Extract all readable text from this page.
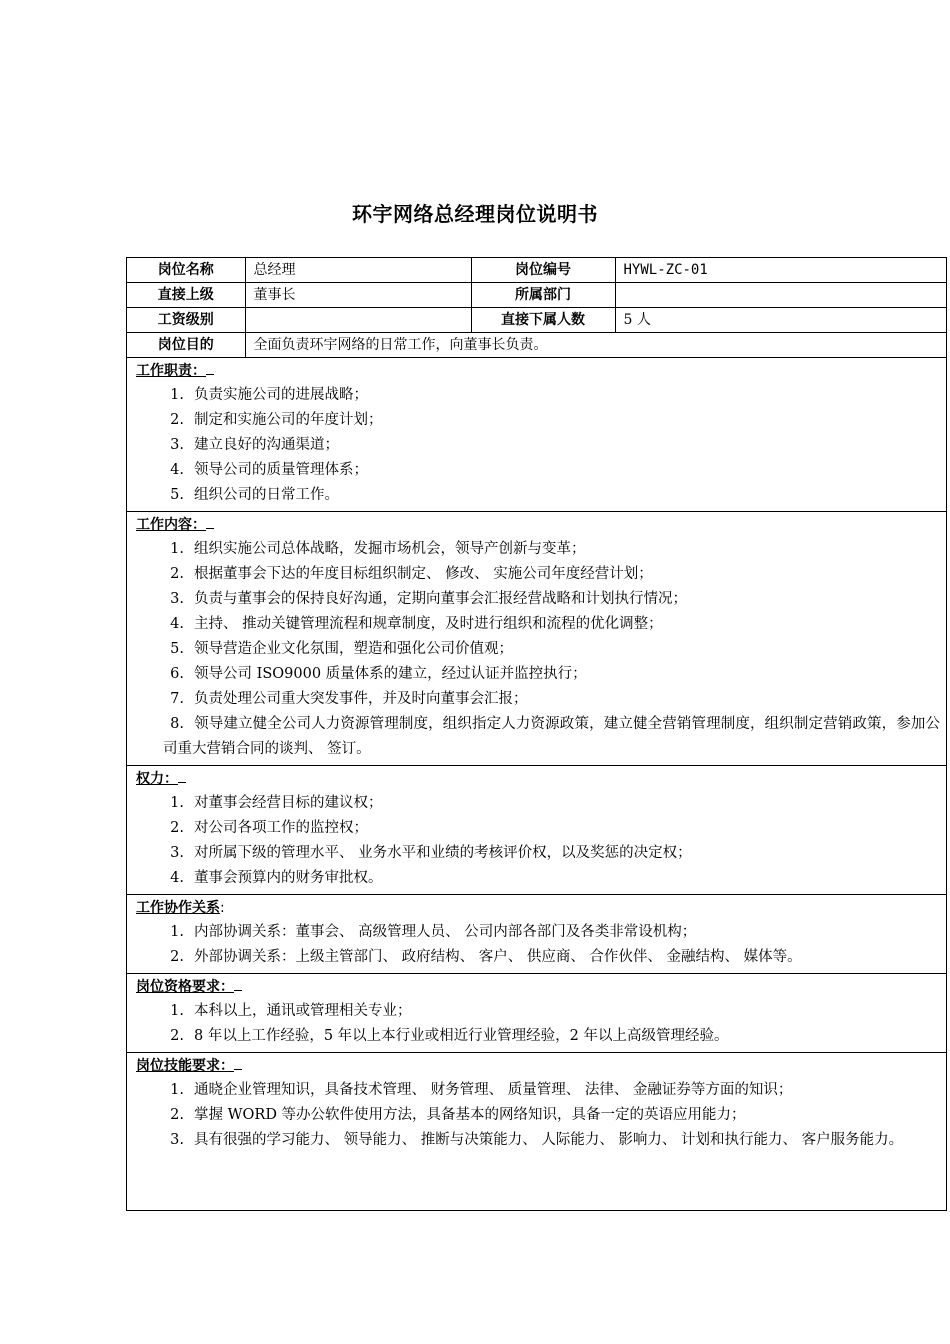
环宇网络总经理岗位说明书
岗位名称	总经理	岗位编号	HYWL-ZC-01
直接上级	董事长	所属部门	
工资级别		直接下属人数	5 人
岗位目的	全面负责环宇网络的日常工作，向董事长负责。		
工作职责：
1. 负责实施公司的进展战略；
2. 制定和实施公司的年度计划；
3. 建立良好的沟通渠道；
4. 领导公司的质量管理体系；
5. 组织公司的日常工作。
工作内容：
1. 组织实施公司总体战略，发掘市场机会，领导产创新与变革；
2. 根据董事会下达的年度目标组织制定、 修改、 实施公司年度经营计划；
3. 负责与董事会的保持良好沟通，定期向董事会汇报经营战略和计划执行情况；
4. 主持、 推动关键管理流程和规章制度，及时进行组织和流程的优化调整；
5. 领导营造企业文化氛围，塑造和强化公司价值观；
6. 领导公司 ISO9000 质量体系的建立，经过认证并监控执行；
7. 负责处理公司重大突发事件，并及时向董事会汇报；
8. 领导建立健全公司人力资源管理制度，组织指定人力资源政策，建立健全营销管理制度，组织制定营销政策，参加公司重大营销合同的谈判、 签订。
权力：
1. 对董事会经营目标的建议权；
2. 对公司各项工作的监控权；
3. 对所属下级的管理水平、 业务水平和业绩的考核评价权，以及奖惩的决定权；
4. 董事会预算内的财务审批权。
工作协作关系:
1. 内部协调关系：董事会、 高级管理人员、 公司内部各部门及各类非常设机构；
2. 外部协调关系：上级主管部门、 政府结构、 客户、 供应商、 合作伙伴、 金融结构、 媒体等。
岗位资格要求：
1. 本科以上，通讯或管理相关专业；
2. 8 年以上工作经验，5 年以上本行业或相近行业管理经验，2 年以上高级管理经验。
岗位技能要求：
1. 通晓企业管理知识，具备技术管理、 财务管理、 质量管理、 法律、 金融证券等方面的知识；
2. 掌握 WORD 等办公软件使用方法，具备基本的网络知识，具备一定的英语应用能力；
3. 具有很强的学习能力、 领导能力、 推断与决策能力、 人际能力、 影响力、 计划和执行能力、 客户服务能力。
